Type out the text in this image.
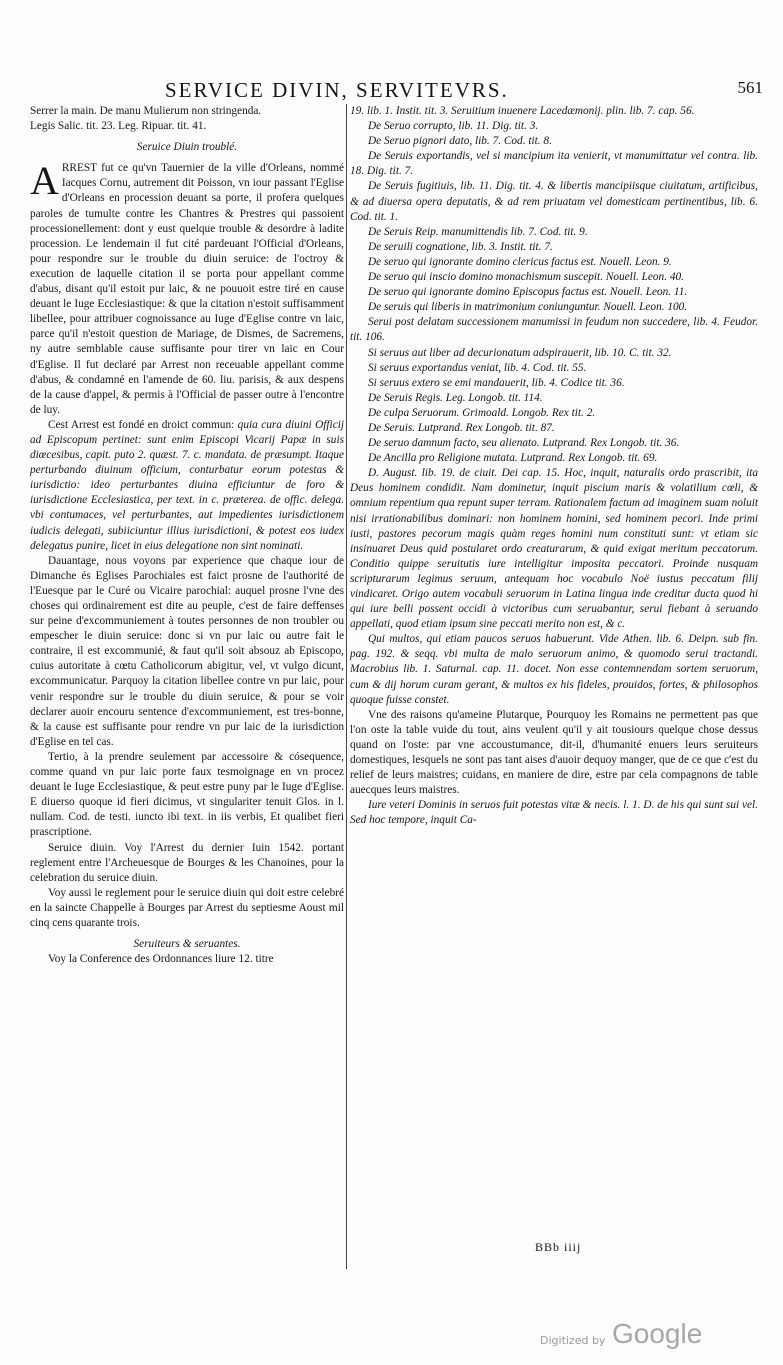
SERVICE DIVIN, SERVITEVRS.	561

Serrer la main. De manu Mulierum non stringenda.

Legis Salic. tit. 23. Leg. Ripuar. tit. 41.

Seruice Diuin troublé.

ARREST fut ce qu'vn Tauernier de la ville d'Orleans, nommé Iacques Cornu, autrement dit Poisson, vn iour passant l'Eglise d'Orleans en procession deuant sa porte, il profera quelques paroles de tumulte contre les Chantres & Prestres qui passoient processionellement: dont y eust quelque trouble & desordre à ladite procession. Le lendemain il fut cité pardeuant l'Official d'Orleans, pour respondre sur le trouble du diuin seruice: de l'octroy & execution de laquelle citation il se porta pour appellant comme d'abus, disant qu'il estoit pur laic, & ne pouuoit estre tiré en cause deuant le Iuge Ecclesiastique: & que la citation n'estoit suffisamment libellee, pour attribuer cognoissance au Iuge d'Eglise contre vn laic, parce qu'il n'estoit question de Mariage, de Dismes, de Sacremens, ny autre semblable cause suffisante pour tirer vn laic en Cour d'Eglise. Il fut declaré par Arrest non receuable appellant comme d'abus, & condamné en l'amende de 60. liu. parisis, & aux despens de la cause d'appel, & permis à l'Official de passer outre à l'encontre de luy.

Cest Arrest est fondé en droict commun: quia cura diuini Officij ad Episcopum pertinet: sunt enim Episcopi Vicarij Papæ in suis diœcesibus, capit. puto 2. quæst. 7. c. mandata. de præsumpt. Itaque perturbando diuinum officium, conturbatur eorum potestas & iurisdictio: ideo perturbantes diuina efficiuntur de foro & iurisdictione Ecclesiastica, per text. in c. præterea. de offic. delega. vbi contumaces, vel perturbantes, aut impedientes iurisdictionem iudicis delegati, subiiciuntur illius iurisdictioni, & potest eos iudex delegatus punire, licet in eius delegatione non sint nominati.

Dauantage, nous voyons par experience que chaque iour de Dimanche és Eglises Parochiales est faict prosne de l'authorité de l'Euesque par le Curé ou Vicaire parochial: auquel prosne l'vne des choses qui ordinairement est dite au peuple, c'est de faire deffenses sur peine d'excommuniement à toutes personnes de non troubler ou empescher le diuin seruice: donc si vn pur laic ou autre fait le contraire, il est excommunié, & faut qu'il soit absouz ab Episcopo, cuius autoritate à cœtu Catholicorum abigitur, vel, vt vulgo dicunt, excommunicatur. Parquoy la citation libellee contre vn pur laic, pour venir respondre sur le trouble du diuin seruice, & pour se voir declarer auoir encouru sentence d'excommuniement, est tres-bonne, & la cause est suffisante pour rendre vn pur laic de la iurisdiction d'Eglise en tel cas.

Tertio, à la prendre seulement par accessoire & cósequence, comme quand vn pur laic porte faux tesmoignage en vn procez deuant le Iuge Ecclesiastique, & peut estre puny par le Iuge d'Eglise. E diuerso quoque id fieri dicimus, vt singulariter tenuit Glos. in l. nullam. Cod. de testi. iuncto ibi text. in iis verbis, Et qualibet fieri prascriptione.

Seruice diuin. Voy l'Arrest du dernier Iuin 1542. portant reglement entre l'Archeuesque de Bourges & les Chanoines, pour la celebration du seruice diuin.

Voy aussi le reglement pour le seruice diuin qui doit estre celebré en la saincte Chappelle à Bourges par Arrest du septiesme Aoust mil cinq cens quarante trois.

Seruiteurs & seruantes.

Voy la Conference des Ordonnances liure 12. titre

19. lib. 1. Instit. tit. 3. Seruitium inuenere Lacedæmonij. plin. lib. 7. cap. 56.

De Seruo corrupto, lib. 11. Dig. tit. 3.

De Seruo pignori dato, lib. 7. Cod. tit. 8.

De Seruis exportandis, vel si mancipium ita venierit, vt manumittatur vel contra. lib. 18. Dig. tit. 7.

De Seruis fugitiuis, lib. 11. Dig. tit. 4. & libertis mancipiisque ciuitatum, artificibus, & ad diuersa opera deputatis, & ad rem priuatam vel domesticam pertinentibus, lib. 6. Cod. tit. 1.

De Seruis Reip. manumittendis lib. 7. Cod. tit. 9.

De seruili cognatione, lib. 3. Instit. tit. 7.

De seruo qui ignorante domino clericus factus est. Nouell. Leon. 9.

De seruo qui inscio domino monachismum suscepit. Nouell. Leon. 40.

De seruo qui ignorante domino Episcopus factus est. Nouell. Leon. 11.

De seruis qui liberis in matrimonium coniunguntur. Nouell. Leon. 100.

Serui post delatam successionem manumissi in feudum non succedere, lib. 4. Feudor. tit. 106.

Si seruus aut liber ad decurionatum adspirauerit, lib. 10. C. tit. 32.

Si seruus exportandus veniat, lib. 4. Cod. tit. 55.

Si seruus extero se emi mandauerit, lib. 4. Codice tit. 36.

De Seruis Regis. Leg. Longob. tit. 114.

De culpa Seruorum. Grimoald. Longob. Rex tit. 2.

De Seruis. Lutprand. Rex Longob. tit. 87.

De seruo damnum facto, seu alienato. Lutprand. Rex Longob. tit. 36.

De Ancilla pro Religione mutata. Lutprand. Rex Longob. tit. 69.

D. August. lib. 19. de ciuit. Dei cap. 15. Hoc, inquit, naturalis ordo prascribit, ita Deus hominem condidit. Nam dominetur, inquit piscium maris & volatilium cœli, & omnium repentium qua repunt super terram. Rationalem factum ad imaginem suam noluit nisi irrationabilibus dominari: non hominem homini, sed hominem pecori. Inde primi iusti, pastores pecorum magis quàm reges homini num constituti sunt: vt etiam sic insinuaret Deus quid postularet ordo creaturarum, & quid exigat meritum peccatorum. Conditio quippe seruitutis iure intelligitur imposita peccatori. Proinde nusquam scripturarum legimus seruum, antequam hoc vocabulo Noë iustus peccatum filij vindicaret. Origo autem vocabuli seruorum in Latina lingua inde creditur ducta quod hi qui iure belli possent occidi à victoribus cum seruabantur, serui fiebant à seruando appellati, quod etiam ipsum sine peccati merito non est, & c.

Qui multos, qui etiam paucos seruos habuerunt. Vide Athen. lib. 6. Deipn. sub fin. pag. 192. & seqq. vbi multa de malo seruorum animo, & quomodo serui tractandi. Macrobius lib. 1. Saturnal. cap. 11. docet. Non esse contemnendam sortem seruorum, cum & dij horum curam gerant, & multos ex his fideles, prouidos, fortes, & philosophos quoque fuisse constet.

Vne des raisons qu'ameine Plutarque, Pourquoy les Romains ne permettent pas que l'on oste la table vuide du tout, ains veulent qu'il y ait tousiours quelque chose dessus quand on l'oste: par vne accoustumance, dit-il, d'humanité enuers leurs seruiteurs domestiques, lesquels ne sont pas tant aises d'auoir dequoy manger, que de ce que c'est du relief de leurs maistres; cuidans, en maniere de dire, estre par cela compagnons de table auecques leurs maistres.

Iure veteri Dominis in seruos fuit potestas vitæ & necis. l. 1. D. de his qui sunt sui vel. Sed hoc tempore, inquit Ca-

BBb iiij
Digitized by Google
